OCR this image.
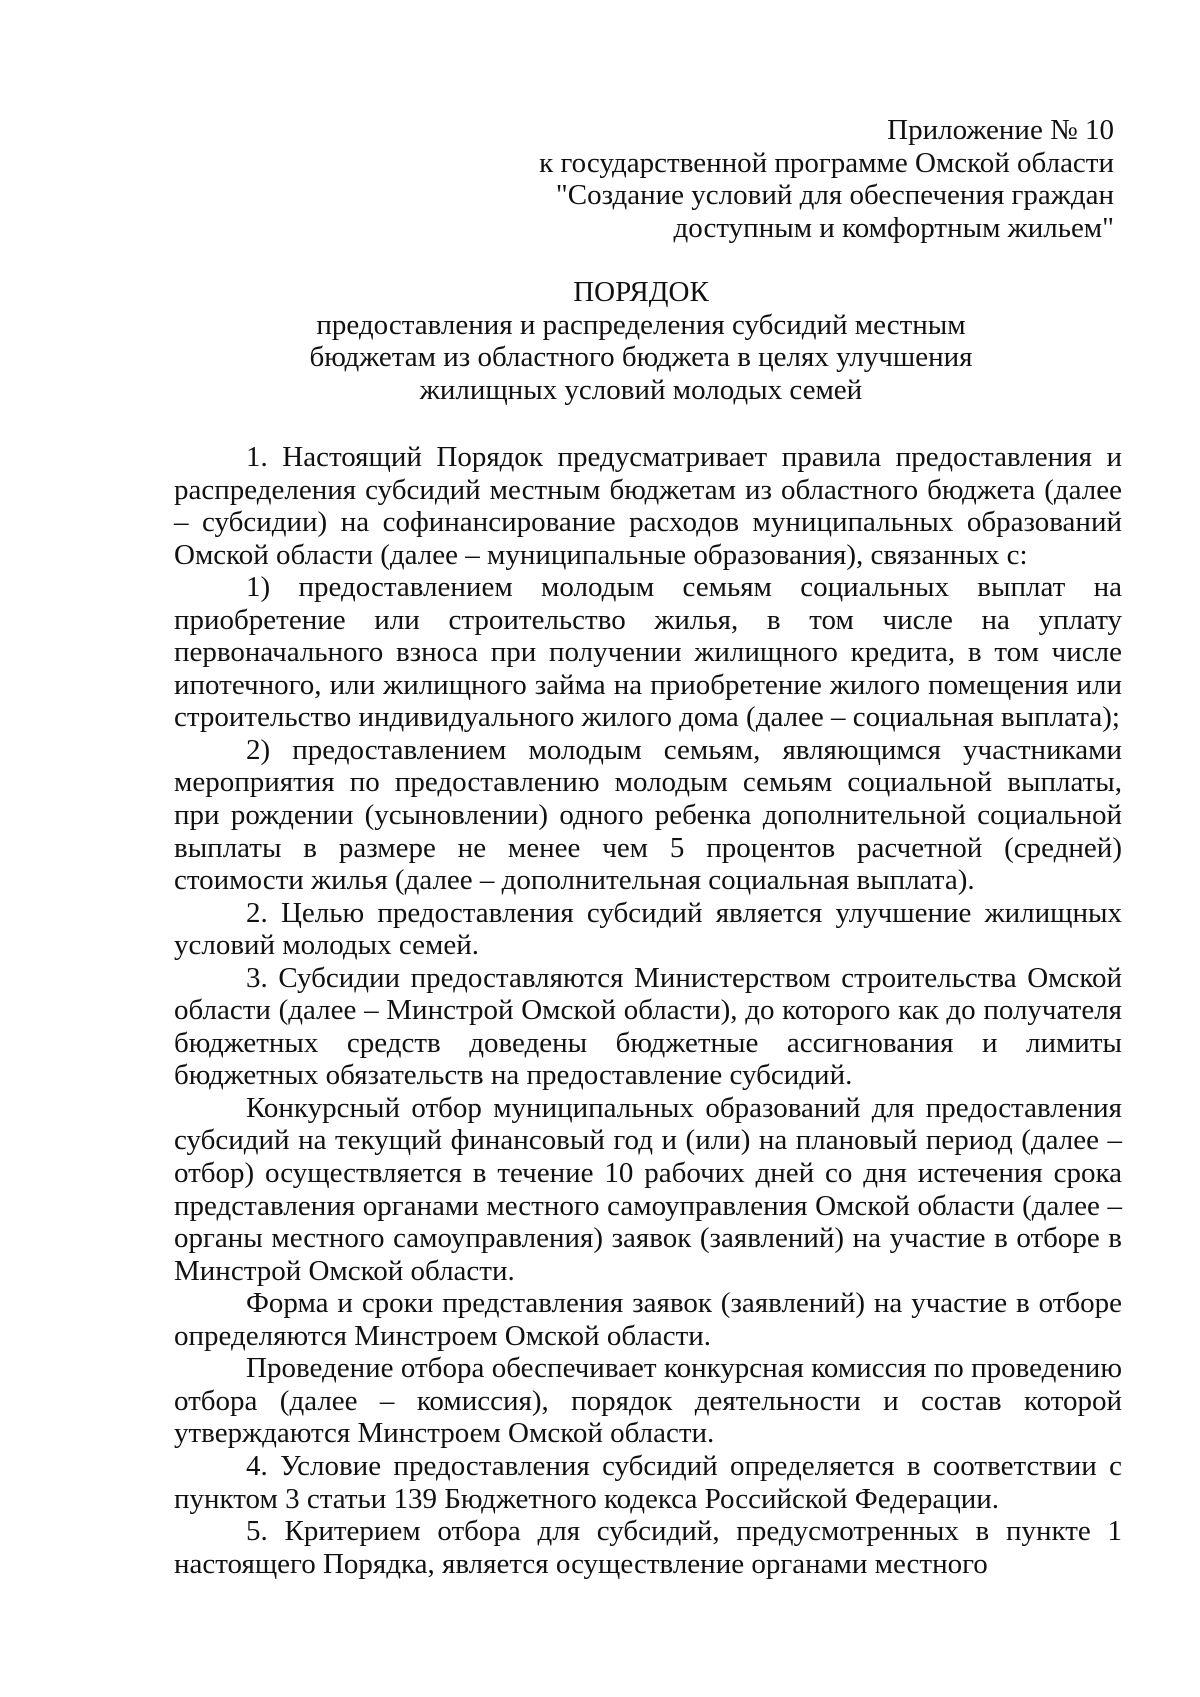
Приложение № 10
к государственной программе Омской области
"Создание условий для обеспечения граждан
доступным и комфортным жильем"
ПОРЯДОК
предоставления и распределения субсидий местным
бюджетам из областного бюджета в целях улучшения
жилищных условий молодых семей

1. Настоящий Порядок предусматривает правила предоставления и распределения субсидий местным бюджетам из областного бюджета (далее – субсидии) на софинансирование расходов муниципальных образований Омской области (далее – муниципальные образования), связанных с:

1) предоставлением молодым семьям социальных выплат на приобретение или строительство жилья, в том числе на уплату первоначального взноса при получении жилищного кредита, в том числе ипотечного, или жилищного займа на приобретение жилого помещения или строительство индивидуального жилого дома (далее – социальная выплата);

2) предоставлением молодым семьям, являющимся участниками мероприятия по предоставлению молодым семьям социальной выплаты, при рождении (усыновлении) одного ребенка дополнительной социальной выплаты в размере не менее чем 5 процентов расчетной (средней) стоимости жилья (далее – дополнительная социальная выплата).

2. Целью предоставления субсидий является улучшение жилищных условий молодых семей.

3. Субсидии предоставляются Министерством строительства Омской области (далее – Минстрой Омской области), до которого как до получателя бюджетных средств доведены бюджетные ассигнования и лимиты бюджетных обязательств на предоставление субсидий.

Конкурсный отбор муниципальных образований для предоставления субсидий на текущий финансовый год и (или) на плановый период (далее – отбор) осуществляется в течение 10 рабочих дней со дня истечения срока представления органами местного самоуправления Омской области (далее – органы местного самоуправления) заявок (заявлений) на участие в отборе в Минстрой Омской области.

Форма и сроки представления заявок (заявлений) на участие в отборе определяются Минстроем Омской области.

Проведение отбора обеспечивает конкурсная комиссия по проведению отбора (далее – комиссия), порядок деятельности и состав которой утверждаются Минстроем Омской области.

4. Условие предоставления субсидий определяется в соответствии с пунктом 3 статьи 139 Бюджетного кодекса Российской Федерации.

5. Критерием отбора для субсидий, предусмотренных в пункте 1 настоящего Порядка, является осуществление органами местного
